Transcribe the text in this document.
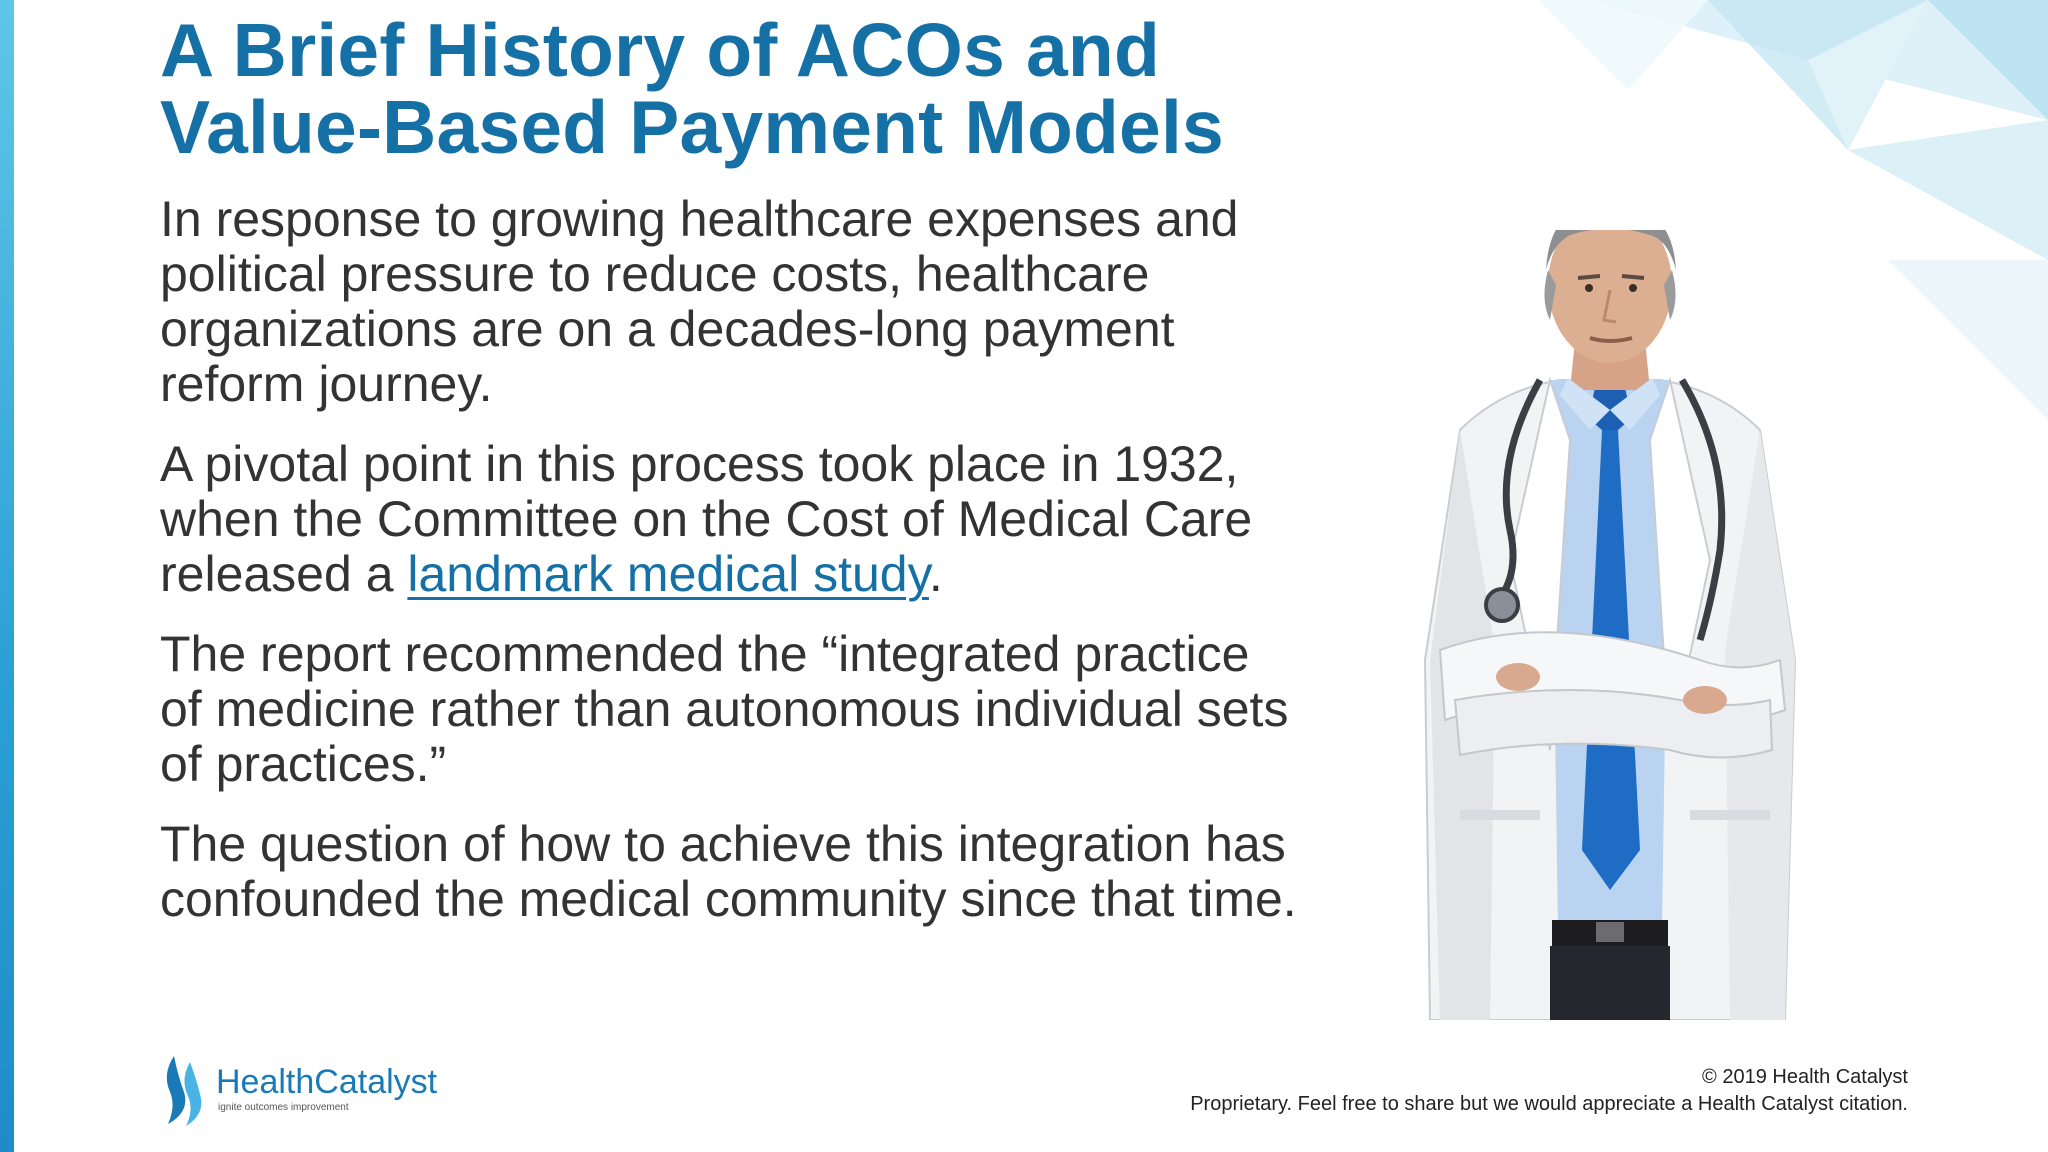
A Brief History of ACOs and Value-Based Payment Models

In response to growing healthcare expenses and political pressure to reduce costs, healthcare organizations are on a decades-long payment reform journey.

A pivotal point in this process took place in 1932, when the Committee on the Cost of Medical Care released a landmark medical study.

The report recommended the “integrated practice of medicine rather than autonomous individual sets of practices.”

The question of how to achieve this integration has confounded the medical community since that time.

HealthCatalyst
ignite outcomes improvement
© 2019 Health Catalyst
Proprietary. Feel free to share but we would appreciate a Health Catalyst citation.
